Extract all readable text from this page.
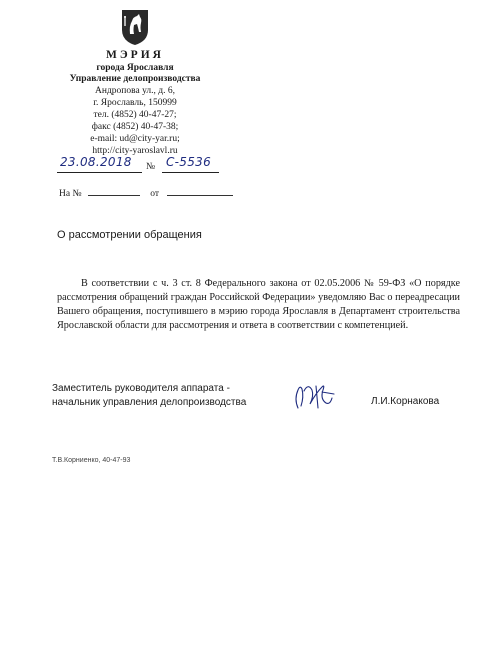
МЭРИЯ
города Ярославля
Управление делопроизводства
Андропова ул., д. 6,
г. Ярославль, 150999
тел. (4852) 40-47-27;
факс (4852) 40-47-38;
e-mail: ud@city-yar.ru;
http://city-yaroslavl.ru
23.08.2018 № С-5536
На №	от
О рассмотрении обращения

В соответствии с ч. 3 ст. 8 Федерального закона от 02.05.2006 № 59-ФЗ «О порядке рассмотрения обращений граждан Российской Федерации» уведомляю Вас о переадресации Вашего обращения, поступившего в мэрию города Ярославля в Департамент строительства Ярославской области для рассмотрения и ответа в соответствии с компетенцией.

Заместитель руководителя аппарата -
начальник управления делопроизводства	Л.И.Корнакова
Т.В.Корниенко, 40-47-93
